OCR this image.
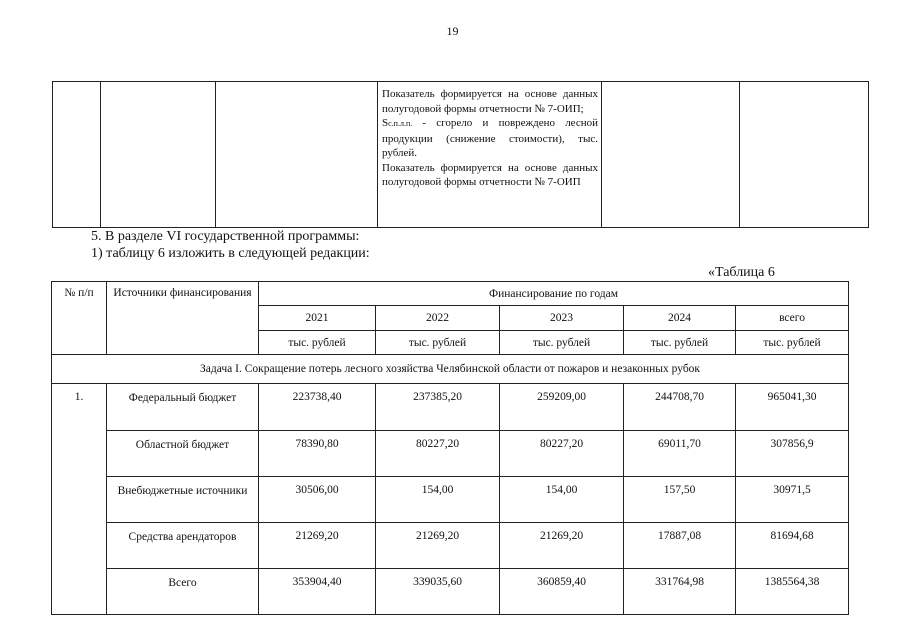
19

Показатель формируется на основе данных полугодовой формы отчетности № 7-ОИП;

Sс.п.л.п. - сгорело и повреждено лесной продукции (снижение стоимости), тыс. рублей.

Показатель формируется на основе данных полугодовой формы отчетности № 7-ОИП

5. В разделе VI государственной программы:
1) таблицу 6 изложить в следующей редакции:
«Таблица 6
№ п/п	Источники финансирования	Финансирование по годам				
		2021	2022	2023	2024	всего
		тыс. рублей	тыс. рублей	тыс. рублей	тыс. рублей	тыс. рублей
Задача I. Сокращение потерь лесного хозяйства Челябинской области от пожаров и незаконных рубок						

1.	Федеральный бюджет	223738,40	237385,20	259209,00	244708,70	965041,30
	Областной бюджет	78390,80	80227,20	80227,20	69011,70	307856,9
	Внебюджетные источники	30506,00	154,00	154,00	157,50	30971,5
	Средства арендаторов	21269,20	21269,20	21269,20	17887,08	81694,68
	Всего	353904,40	339035,60	360859,40	331764,98	1385564,38
